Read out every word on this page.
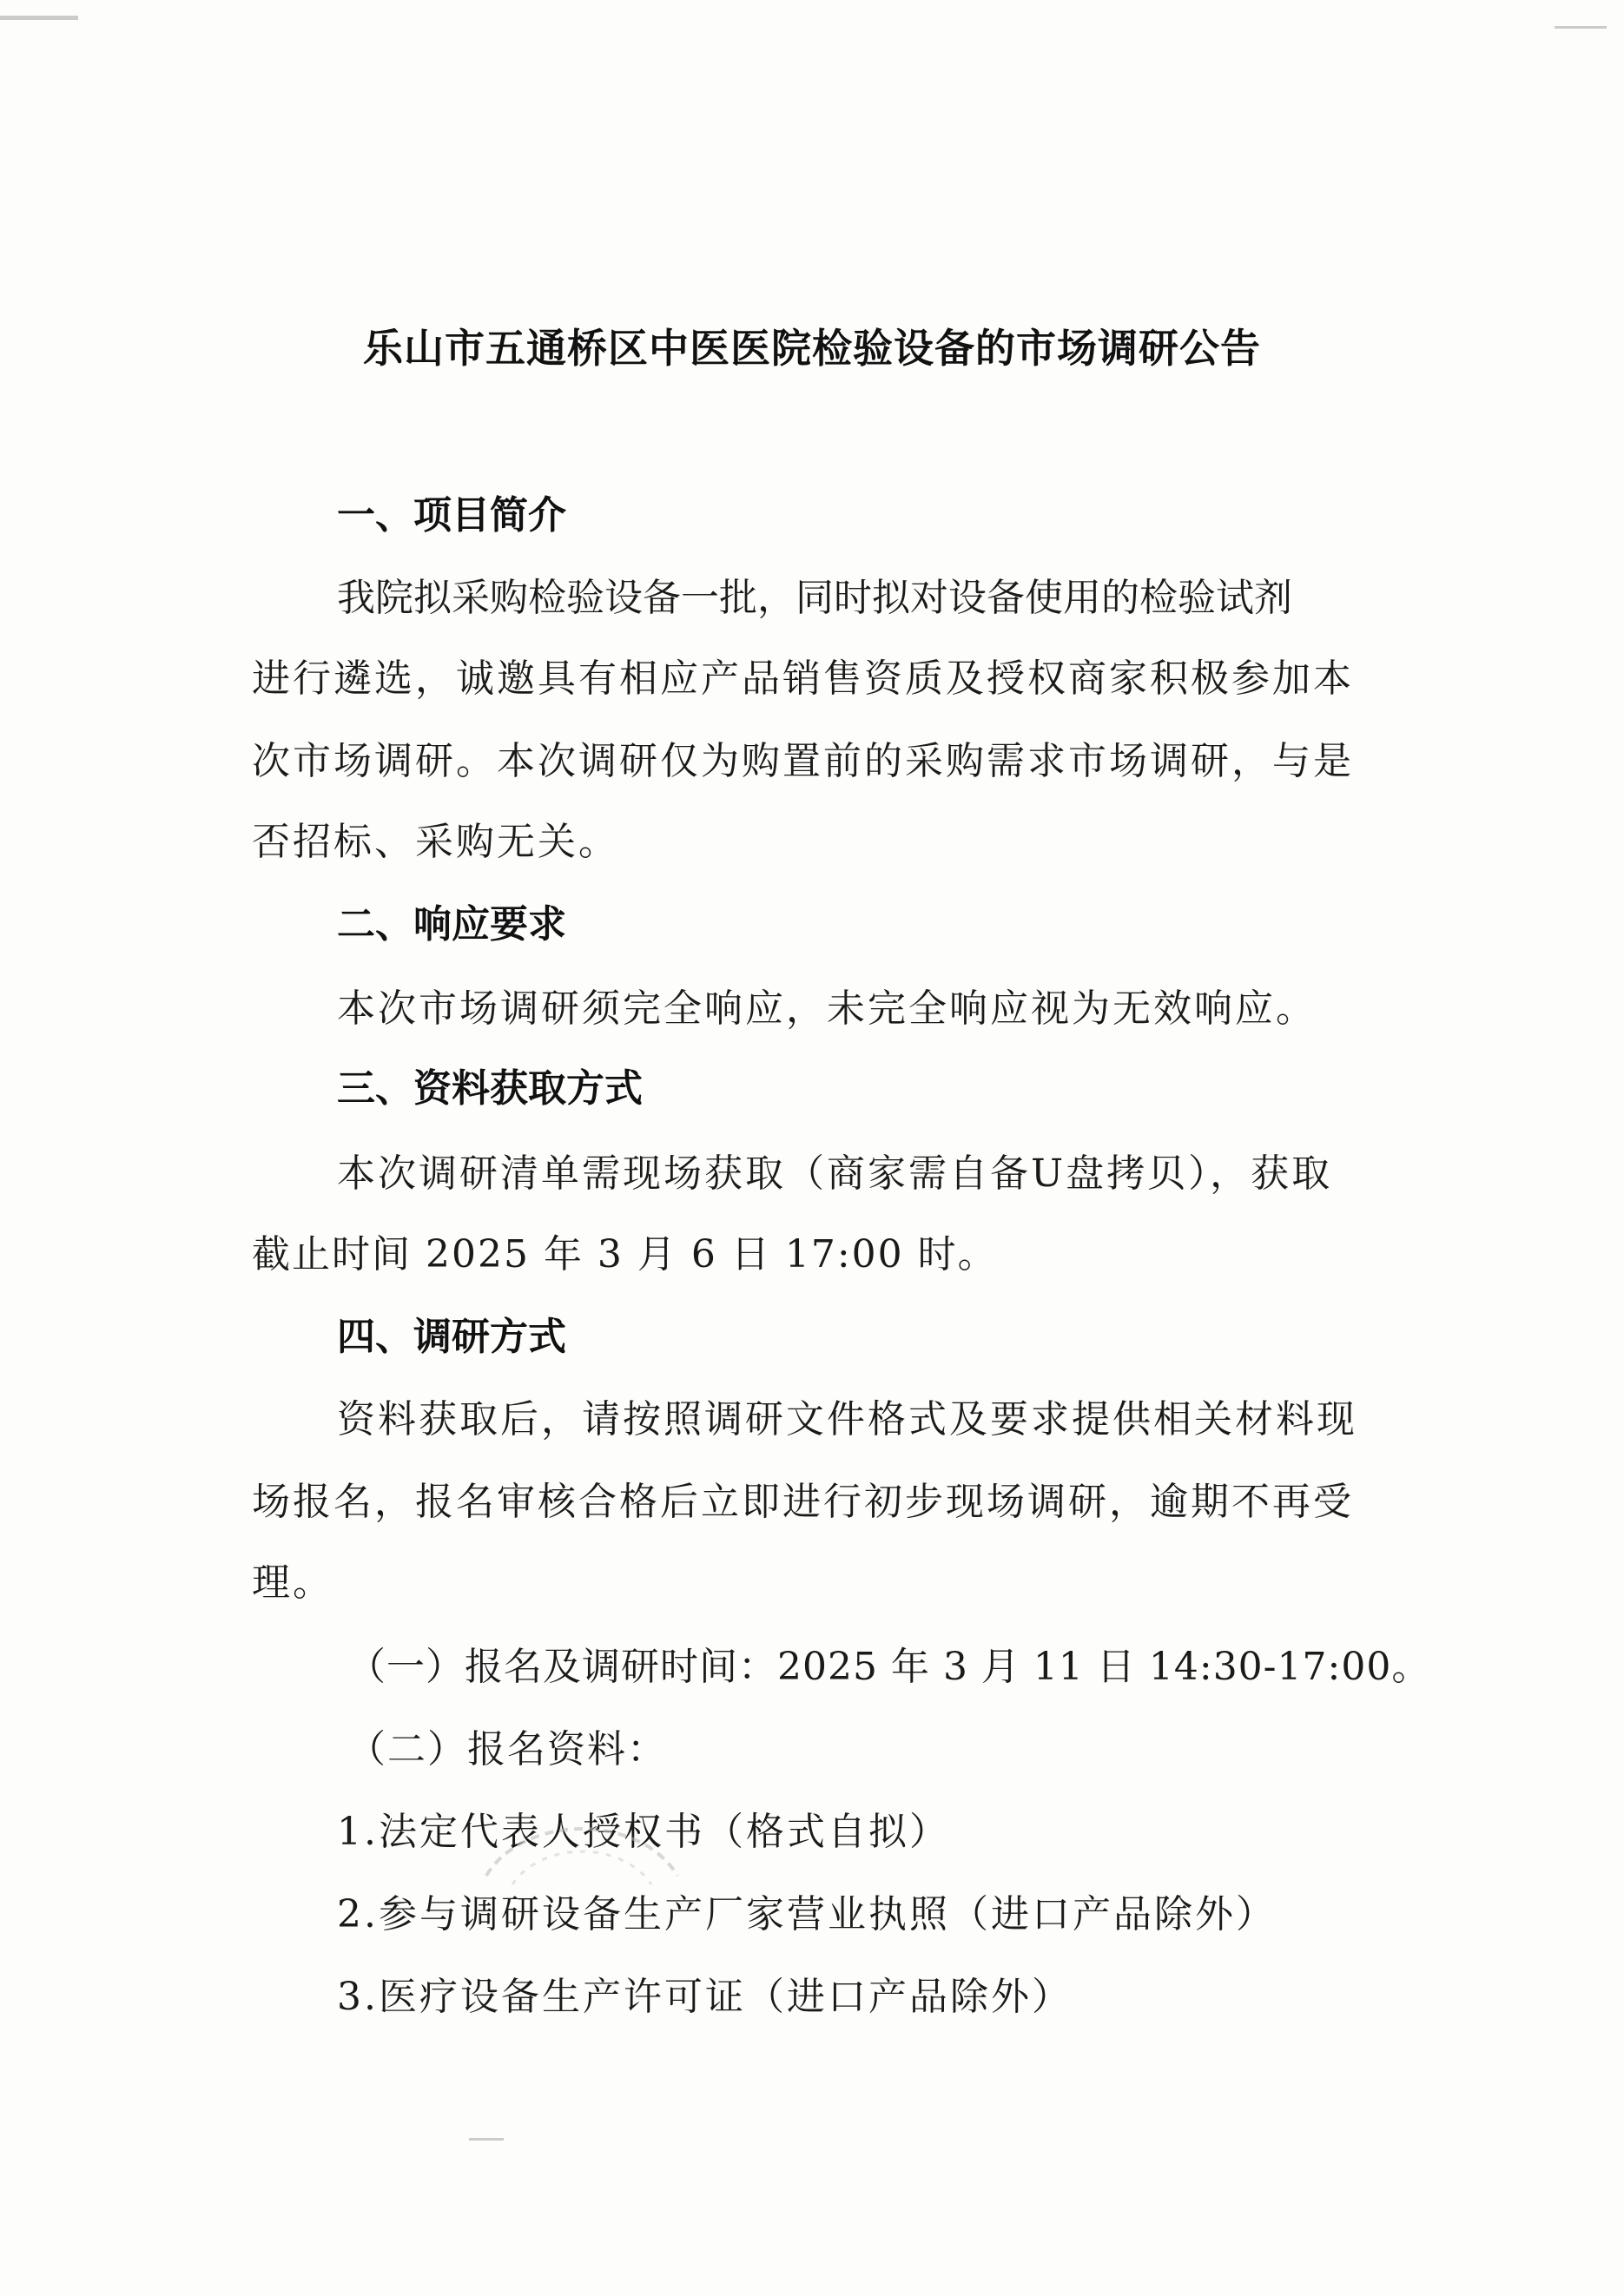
乐山市五通桥区中医医院检验设备的市场调研公告
一、项目简介
我院拟采购检验设备一批，同时拟对设备使用的检验试剂
进行遴选，诚邀具有相应产品销售资质及授权商家积极参加本
次市场调研。本次调研仅为购置前的采购需求市场调研，与是
否招标、采购无关。
二、响应要求
本次市场调研须完全响应，未完全响应视为无效响应。
三、资料获取方式
本次调研清单需现场获取（商家需自备U盘拷贝），获取
截止时间 2025 年 3 月 6 日 17:00 时。
四、调研方式
资料获取后，请按照调研文件格式及要求提供相关材料现
场报名，报名审核合格后立即进行初步现场调研，逾期不再受
理。
（一）报名及调研时间：2025 年 3 月 11 日 14:30-17:00。
（二）报名资料：
1.法定代表人授权书（格式自拟）
2.参与调研设备生产厂家营业执照（进口产品除外）
3.医疗设备生产许可证（进口产品除外）
